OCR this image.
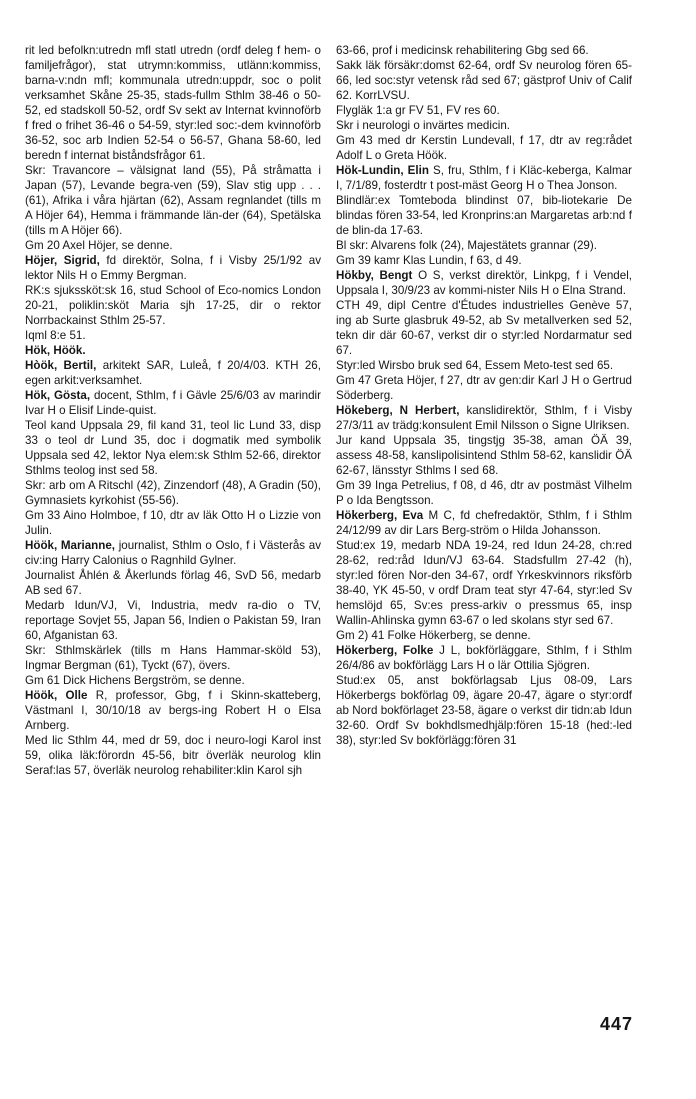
rit led befolkn:utredn mfl statl utredn (ordf deleg f hem- o familjefrågor), stat utrymn:kommiss, utlänn:kommiss, barna-v:ndn mfl; kommunala utredn:uppdr, soc o polit verksamhet Skåne 25-35, stads-fullm Sthlm 38-46 o 50-52, ed stadskoll 50-52, ordf Sv sekt av Internat kvinnoförb f fred o frihet 36-46 o 54-59, styr:led soc:-dem kvinnoförb 36-52, soc arb Indien 52-54 o 56-57, Ghana 58-60, led beredn f internat biståndsfrågor 61.

Skr: Travancore – välsignat land (55), På stråmatta i Japan (57), Levande begra-ven (59), Slav stig upp . . . (61), Afrika i våra hjärtan (62), Assam regnlandet (tills m A Höjer 64), Hemma i främmande län-der (64), Spetälska (tills m A Höjer 66).

Gm 20 Axel Höjer, se denne.

Höjer, Sigrid, fd direktör, Solna, f i Visby 25/1/92 av lektor Nils H o Emmy Bergman.

RK:s sjukssköt:sk 16, stud School of Eco-nomics London 20-21, poliklin:sköt Maria sjh 17-25, dir o rektor Norrbackainst Sthlm 25-57.

Iqml 8:e 51.

Hök, Höök.

Hòök, Bertil, arkitekt SAR, Luleå, f 20/4/03. KTH 26, egen arkit:verksamhet.

Hök, Gösta, docent, Sthlm, f i Gävle 25/6/03 av marindir Ivar H o Elisif Linde-quist.

Teol kand Uppsala 29, fil kand 31, teol lic Lund 33, disp 33 o teol dr Lund 35, doc i dogmatik med symbolik Uppsala sed 42, lektor Nya elem:sk Sthlm 52-66, direktor Sthlms teolog inst sed 58.

Skr: arb om A Ritschl (42), Zinzendorf (48), A Gradin (50), Gymnasiets kyrkohist (55-56).

Gm 33 Aino Holmboe, f 10, dtr av läk Otto H o Lizzie von Julin.

Höök, Marianne, journalist, Sthlm o Oslo, f i Västerås av civ:ing Harry Calonius o Ragnhild Gylner.

Journalist Åhlén & Åkerlunds förlag 46, SvD 56, medarb AB sed 67.

Medarb Idun/VJ, Vi, Industria, medv ra-dio o TV, reportage Sovjet 55, Japan 56, Indien o Pakistan 59, Iran 60, Afganistan 63.

Skr: Sthlmskärlek (tills m Hans Hammar-sköld 53), Ingmar Bergman (61), Tyckt (67), övers.

Gm 61 Dick Hichens Bergström, se denne.

Höök, Olle R, professor, Gbg, f i Skinn-skatteberg, Västmanl I, 30/10/18 av bergs-ing Robert H o Elsa Arnberg.

Med lic Sthlm 44, med dr 59, doc i neuro-logi Karol inst 59, olika läk:förordn 45-56, bitr överläk neurolog klin Seraf:las 57, överläk neurolog rehabiliter:klin Karol sjh

63-66, prof i medicinsk rehabilitering Gbg sed 66.

Sakk läk försäkr:domst 62-64, ordf Sv neurolog fören 65-66, led soc:styr vetensk råd sed 67; gästprof Univ of Calif 62. KorrLVSU.

Flygläk 1:a gr FV 51, FV res 60.

Skr i neurologi o invärtes medicin.

Gm 43 med dr Kerstin Lundevall, f 17, dtr av reg:rådet Adolf L o Greta Höök.

Hök-Lundin, Elin S, fru, Sthlm, f i Kläc-keberga, Kalmar I, 7/1/89, fosterdtr t post-mäst Georg H o Thea Jonson.

Blindlär:ex Tomteboda blindinst 07, bib-liotekarie De blindas fören 33-54, led Kronprins:an Margaretas arb:nd f de blin-da 17-63.

Bl skr: Alvarens folk (24), Majestätets grannar (29).

Gm 39 kamr Klas Lundin, f 63, d 49.

Hökby, Bengt O S, verkst direktör, Linkpg, f i Vendel, Uppsala I, 30/9/23 av kommi-nister Nils H o Elna Strand.

CTH 49, dipl Centre d'Études industrielles Genève 57, ing ab Surte glasbruk 49-52, ab Sv metallverken sed 52, tekn dir där 60-67, verkst dir o styr:led Nordarmatur sed 67.

Styr:led Wirsbo bruk sed 64, Essem Meto-test sed 65.

Gm 47 Greta Höjer, f 27, dtr av gen:dir Karl J H o Gertrud Söderberg.

Hökeberg, N Herbert, kanslidirektör, Sthlm, f i Visby 27/3/11 av trädg:konsulent Emil Nilsson o Signe Ulriksen.

Jur kand Uppsala 35, tingstjg 35-38, aman ÖÄ 39, assess 48-58, kanslipolisintend Sthlm 58-62, kanslidir ÖÄ 62-67, länsstyr Sthlms I sed 68.

Gm 39 Inga Petrelius, f 08, d 46, dtr av postmäst Vilhelm P o Ida Bengtsson.

Hökerberg, Eva M C, fd chefredaktör, Sthlm, f i Sthlm 24/12/99 av dir Lars Berg-ström o Hilda Johansson.

Stud:ex 19, medarb NDA 19-24, red Idun 24-28, ch:red 28-62, red:råd Idun/VJ 63-64. Stadsfullm 27-42 (h), styr:led fören Nor-den 34-67, ordf Yrkeskvinnors riksförb 38-40, YK 45-50, v ordf Dram teat styr 47-64, styr:led Sv hemslöjd 65, Sv:es press-arkiv o pressmus 65, insp Wallin-Ahlinska gymn 63-67 o led skolans styr sed 67.

Gm 2) 41 Folke Hökerberg, se denne.

Hökerberg, Folke J L, bokförläggare, Sthlm, f i Sthlm 26/4/86 av bokförlägg Lars H o lär Ottilia Sjögren.

Stud:ex 05, anst bokförlagsab Ljus 08-09, Lars Hökerbergs bokförlag 09, ägare 20-47, ägare o styr:ordf ab Nord bokförlaget 23-58, ägare o verkst dir tidn:ab Idun 32-60. Ordf Sv bokhdlsmedhjälp:fören 15-18 (hed:-led 38), styr:led Sv bokförlägg:fören 31

447
